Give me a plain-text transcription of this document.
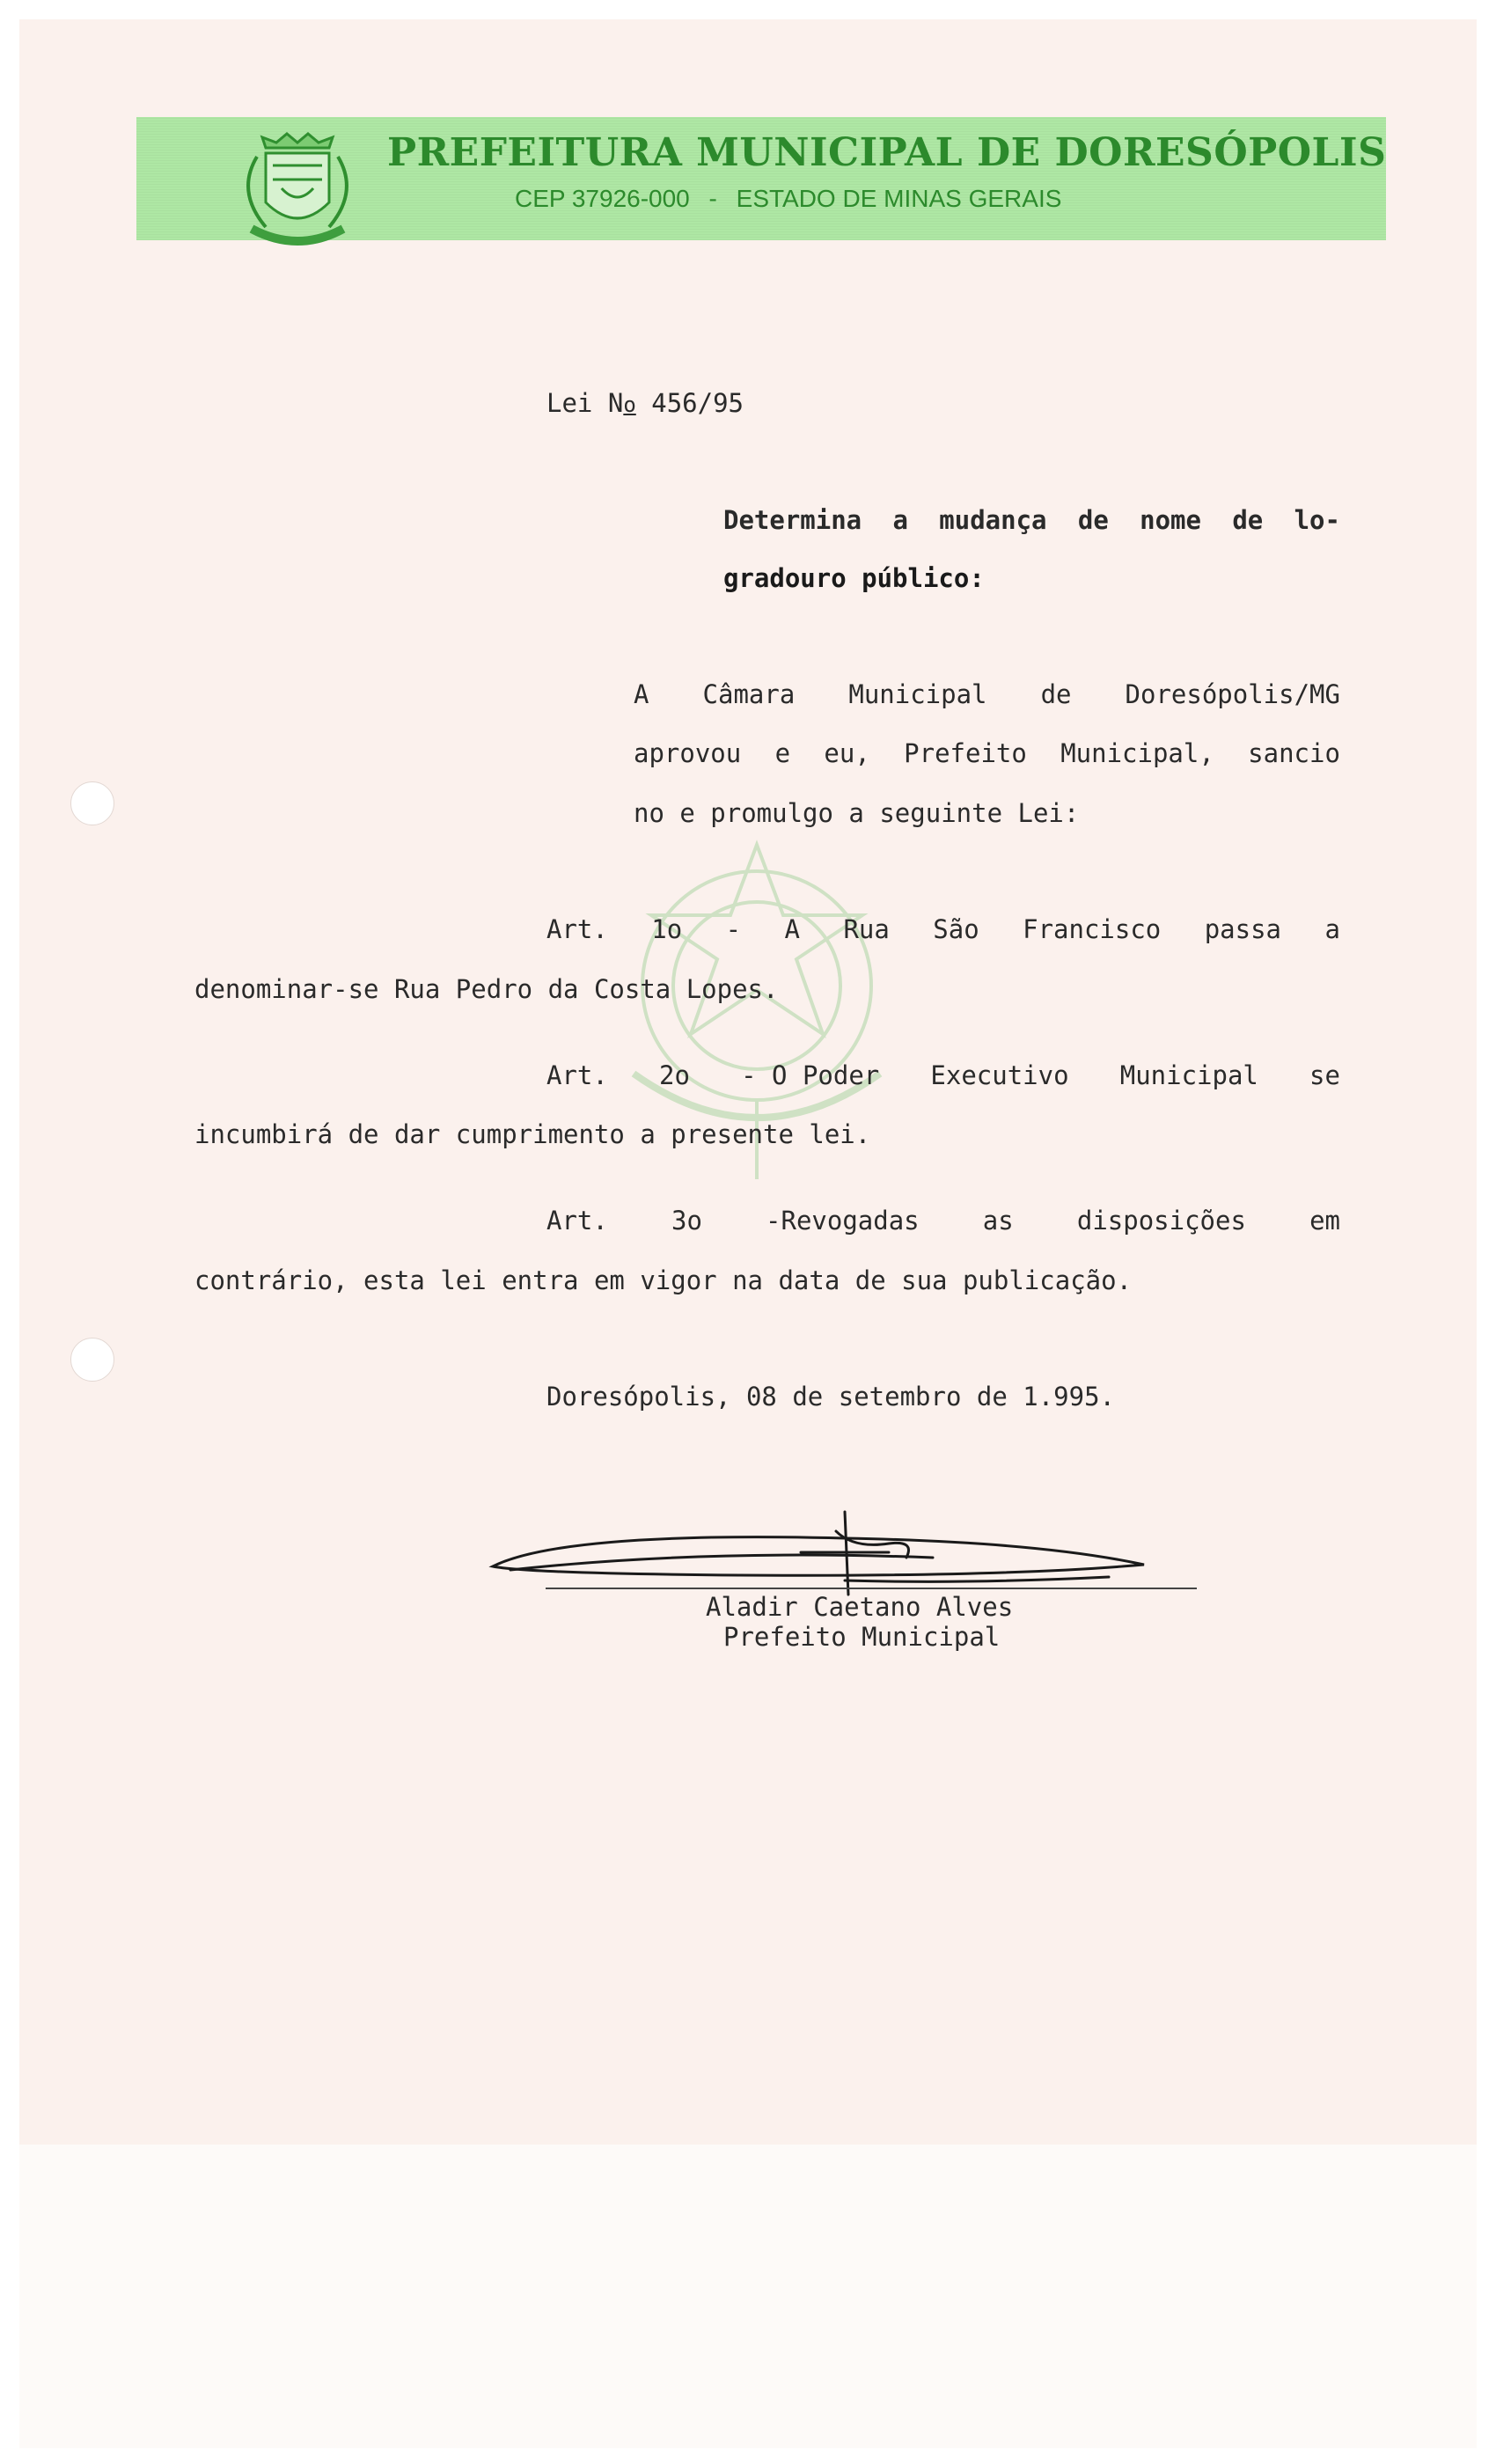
PREFEITURA MUNICIPAL DE DORESÓPOLIS
CEP 37926-000 - ESTADO DE MINAS GERAIS
Lei No 456/95
Determina a mudança de nome de lo-
gradouro público:
A Câmara Municipal de Doresópolis/MG
aprovou e eu, Prefeito Municipal, sancio
no e promulgo a seguinte Lei:
Art. 1o - A Rua São Francisco passa a
denominar-se Rua Pedro da Costa Lopes.
Art. 2o - O Poder Executivo Municipal se
incumbirá de dar cumprimento a presente lei.
Art. 3o -Revogadas as disposições em
contrário, esta lei entra em vigor na data de sua publicação.
Doresópolis, 08 de setembro de 1.995.
Aladir Caetano Alves
Prefeito Municipal
